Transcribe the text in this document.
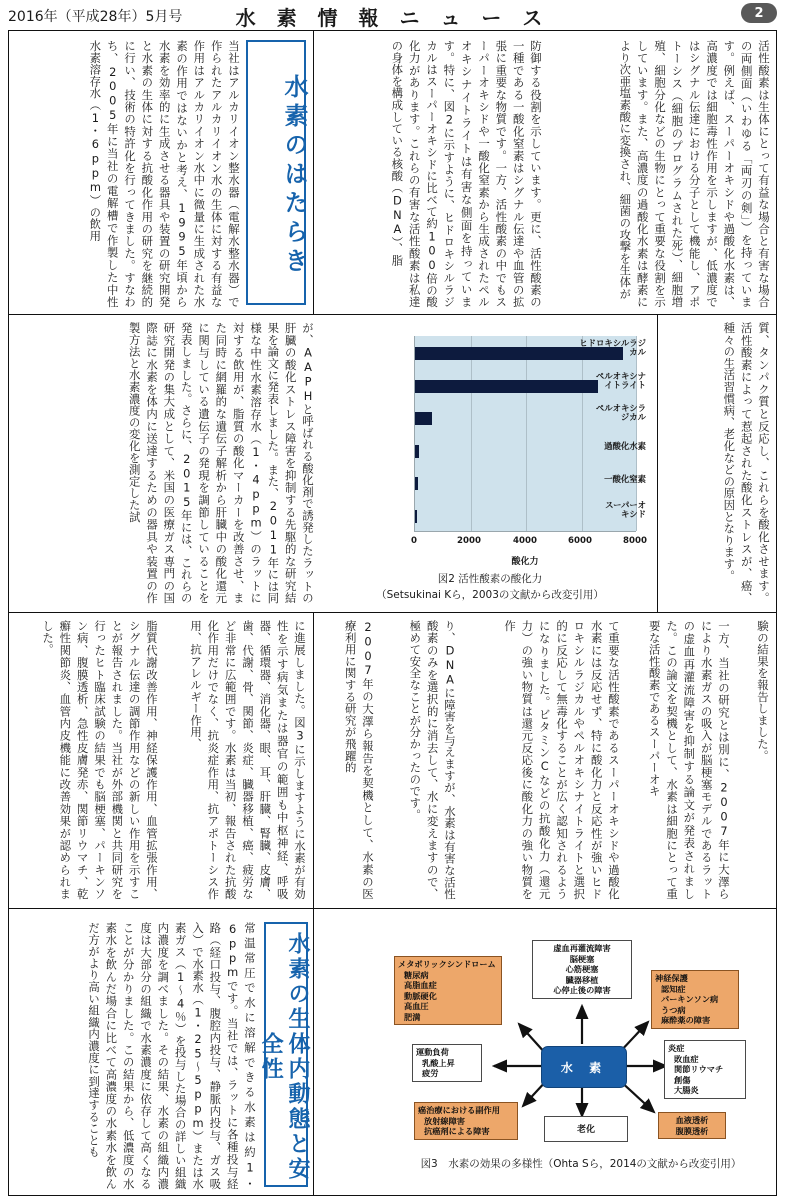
2016年（平成28年）5月号	水 素 情 報 ニ ュ ー ス	2
水素のはたらき
当社はアルカリイオン整水器（電解水整水器）で作られたアルカリイオン水の生体に対する有益な作用はアルカリイオン水中に微量に生成された水素の作用ではないかと考え、1995年頃から水素を効率的に生成させる器具や装置の研究開発と水素の生体に対する抗酸化作用の研究を継続的に行い、技術の特許化を行ってきました。すなわち、2005年に当社の電解槽で作製した中性水素溶存水（1・6ppm）の飲用	防御する役割を示しています。更に、活性酸素の一種である一酸化窒素はシグナル伝達や血管の拡張に重要な物質です。一方、活性酸素の中でもスーパーオキシドや一酸化窒素から生成されたペルオキシナイトライトは有害な側面を持っています。特に、図2に示すように、ヒドロキシルラジカルはスーパーオキシドに比べて約100倍の酸化力があります。これらの有害な活性酸素は私達の身体を構成している核酸（DNA）、脂	活性酸素は生体にとって有益な場合と有害な場合の両側面（いわゆる「両刃の剣」）を持っています。例えば、スーパーオキシドや過酸化水素は、高濃度では細胞毒性作用を示しますが、低濃度ではシグナル伝達における分子として機能し、アポトーシス（細胞のプログラムされた死）、細胞増殖、細胞分化などの生物にとって重要な役割を示しています。また、高濃度の過酸化水素は酵素により次亜塩素酸に変換され、細菌の攻撃を生体が
が、AAPHと呼ばれる酸化剤で誘発したラットの肝臓の酸化ストレス障害を抑制する先駆的な研究結果を論文に発表しました。また、2011年には同様な中性水素溶存水（1・4ppm）のラットに対する飲用が、脂質の酸化マーカーを改善させ、また同時に網羅的な遺伝子解析から肝臓中の酸化還元に関与している遺伝子の発現を調節していることを発表しました。さらに、2015年には、これらの研究開発の集大成として、米国の医療ガス専門の国際誌に水素を体内に送達するための器具や装置の作製方法と水素濃度の変化を測定した試	質、タンパク質と反応し、これらを酸化させます。活性酸素によって惹起された酸化ストレスが、癌、種々の生活習慣病、老化などの原因となります。
ヒドロキシルラジ
カル
ペルオキシナ
イトライト
ペルオキシラ
ジカル
過酸化水素
一酸化窒素
スーパーオ
キシド
0	2000	4000	6000	8000
酸化力
図2 活性酸素の酸化力
（Setsukinai Kら，2003の文献から改変引用）
脂質代謝改善作用、神経保護作用、血管拡張作用、シグナル伝達の調節作用などの新しい作用を示すことが報告されました。当社が外部機関と共同研究を行ったヒト臨床試験の結果でも脳梗塞、パーキンソン病、腹膜透析、急性皮膚発赤、関節リウマチ、乾癬性関節炎、血管内皮機能に改善効果が認められました。	に進展しました。図3に示しますように水素が有効性を示す病気または器官の範囲も中枢神経、呼吸器、循環器、消化器、眼、耳、肝臓、腎臓、皮膚、歯、代謝、骨、関節、炎症、臓器移植、癌、疲労など非常に広範囲です。水素は当初、報告された抗酸化作用だけでなく、抗炎症作用、抗アポトーシス作用、抗アレルギー作用、	2007年の大澤ら報告を契機として、水素の医療利用に関する研究が飛躍的	り、DNAに障害を与えますが、水素は有害な活性酸素のみを選択的に消去して、水に変えますので、極めて安全なことが分かったのです。	て重要な活性酸素であるスーパーオキシドや過酸化水素には反応せず、特に酸化力と反応性が強いヒドロキシルラジカルやペルオキシナイトライトと選択的に反応して無毒化することが広く認知されるようになりました。ビタミンCなどの抗酸化力（還元力）の強い物質は還元反応後に酸化力の強い物質を作	一方、当社の研究とは別に、2007年に大澤らにより水素ガスの吸入が脳梗塞モデルであるラットの虚血再灌流障害を抑制する論文が発表されました。この論文を契機として、水素は細胞にとって重要な活性酸素であるスーパーオキ	験の結果を報告しました。
水素の生体内動態と安全性
常温常圧で水に溶解できる水素は約1・6ppmです。当社では、ラットに各種投与経路（経口投与、腹腔内投与、静脈内投与、ガス吸入）で水素水（1・25～5ppm）または水素ガス（1～4％）を投与した場合の詳しい組織内濃度を調べました。その結果、水素の組織内濃度は大部分の組織で水素濃度に依存して高くなることが分かりました。この結果から、低濃度の水素水を飲んだ場合に比べて高濃度の水素水を飲んだ方がより高い組織内濃度に到達することも	メタボリックシンドローム
糖尿病
高脂血症
動脈硬化
高血圧
肥満
虚血再灌流障害
脳梗塞
心筋梗塞
臓器移植
心停止後の障害
神経保護
認知症
パーキンソン病
うつ病
麻酔薬の障害
運動負荷
乳酸上昇
疲労
炎症
敗血症
関節リウマチ
創傷
大腸炎
癌治療における副作用
放射線障害
抗癌剤による障害	老化
血液透析
腹膜透析
水 素
図3　水素の効果の多様性（Ohta Sら，2014の文献から改変引用）
